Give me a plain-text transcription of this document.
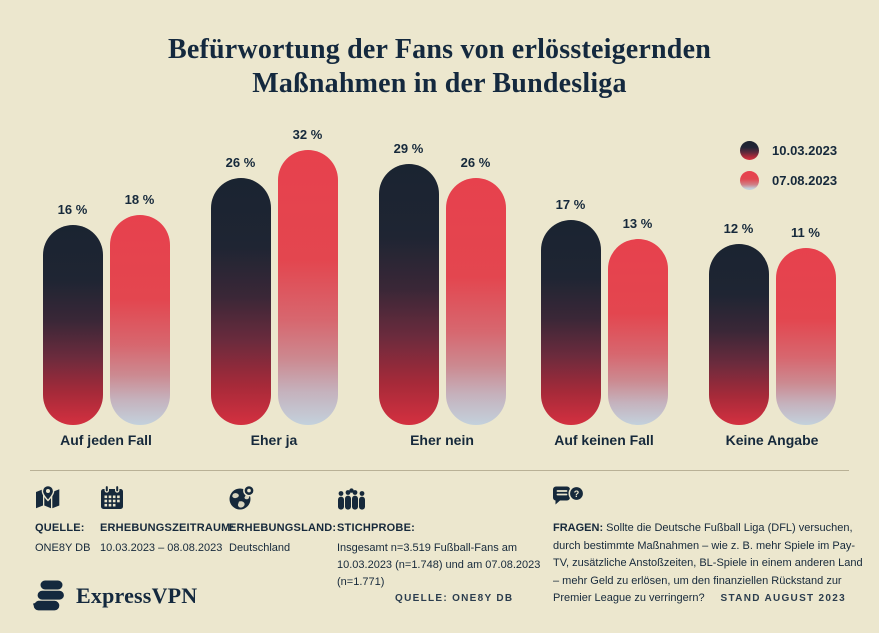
Befürwortung der Fans von erlössteigernden Maßnahmen in der Bundesliga
10.03.2023
07.08.2023
16 %
18 %
Auf jeden Fall
26 %
32 %
Eher ja
29 %
26 %
Eher nein
17 %
13 %
Auf keinen Fall
12 %	11 %
Keine Angabe
QUELLE:
ONE8Y DB
ERHEBUNGSZEITRAUM:
10.03.2023 – 08.08.2023
ERHEBUNGSLAND:
Deutschland
STICHPROBE:
Insgesamt n=3.519 Fußball-Fans am 10.03.2023 (n=1.748) und am 07.08.2023 (n=1.771)
?

FRAGEN: Sollte die Deutsche Fußball Liga (DFL) versuchen, durch bestimmte Maßnahmen – wie z. B. mehr Spiele im Pay-TV, zusätzliche Anstoßzeiten, BL-Spiele in einem anderen Land – mehr Geld zu erlösen, um den finanziellen Rückstand zur Premier League zu verringern?

ExpressVPN	QUELLE: ONE8Y DB	STAND AUGUST 2023
